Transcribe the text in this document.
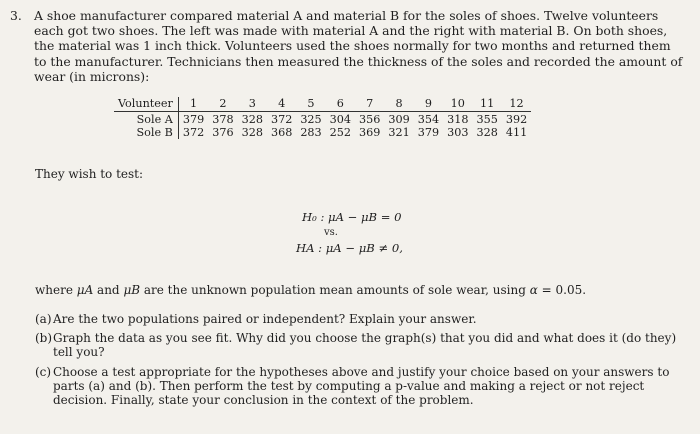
3. A shoe manufacturer compared material A and material B for the soles of shoes. Twelve volunteers each got two shoes. The left was made with material A and the right with material B. On both shoes, the material was 1 inch thick. Volunteers used the shoes normally for two months and returned them to the manufacturer. Technicians then measured the thickness of the soles and recorded the amount of wear (in microns):
Volunteer	1	2	3	4	5	6	7	8	9	10	11	12
Sole A	379	378	328	372	325	304	356	309	354	318	355	392
Sole B	372	376	328	368	283	252	369	321	379	303	328	411
They wish to test:
H₀ : μA − μB = 0
vs.
HA : μA − μB ≠ 0,
where μA and μB are the unknown population mean amounts of sole wear, using α = 0.05.
(a) Are the two populations paired or independent? Explain your answer.
(b) Graph the data as you see fit. Why did you choose the graph(s) that you did and what does it (do they) tell you?
(c) Choose a test appropriate for the hypotheses above and justify your choice based on your answers to parts (a) and (b). Then perform the test by computing a p-value and making a reject or not reject decision. Finally, state your conclusion in the context of the problem.
